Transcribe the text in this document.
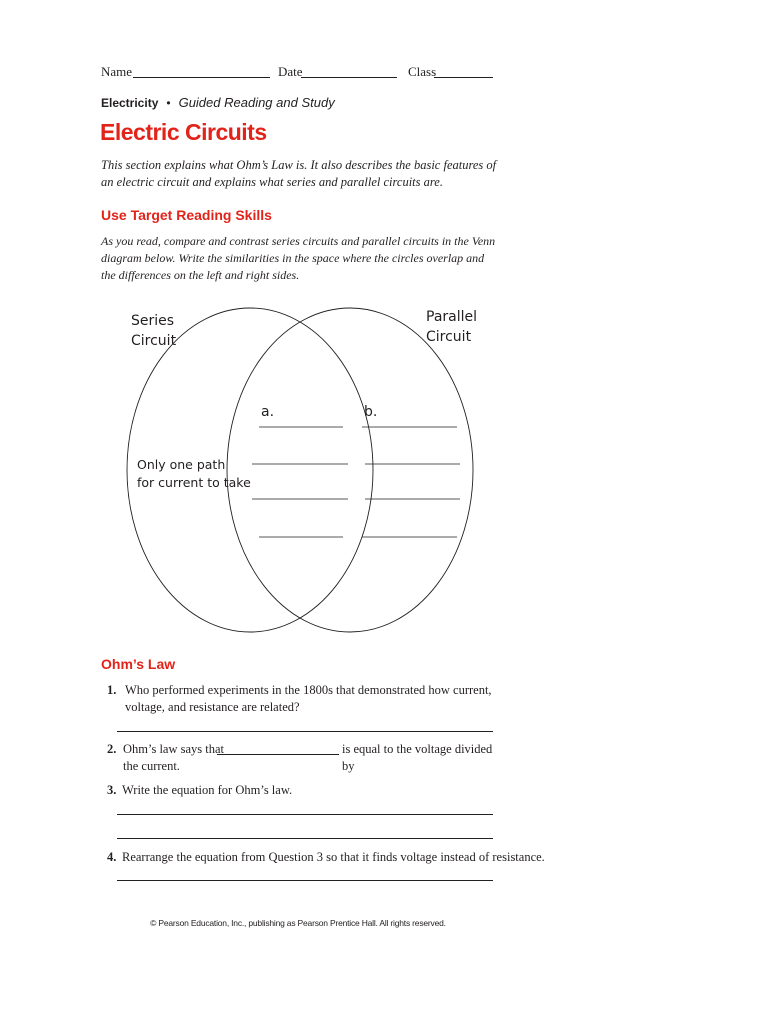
Name	Date	Class
Electricity • Guided Reading and Study
Electric Circuits
This section explains what Ohm’s Law is. It also describes the basic features of an electric circuit and explains what series and parallel circuits are.
Use Target Reading Skills
As you read, compare and contrast series circuits and parallel circuits in the Venn diagram below. Write the similarities in the space where the circles overlap and the differences on the left and right sides.
Series
Circuit
Parallel
Circuit
a.	b.
Only one path
for current to take
Ohm’s Law
1. Who performed experiments in the 1800s that demonstrated how current, voltage, and resistance are related?
2. Ohm’s law says that	is equal to the voltage divided by
the current.
3. Write the equation for Ohm’s law.
4. Rearrange the equation from Question 3 so that it finds voltage instead of resistance.
© Pearson Education, Inc., publishing as Pearson Prentice Hall. All rights reserved.
